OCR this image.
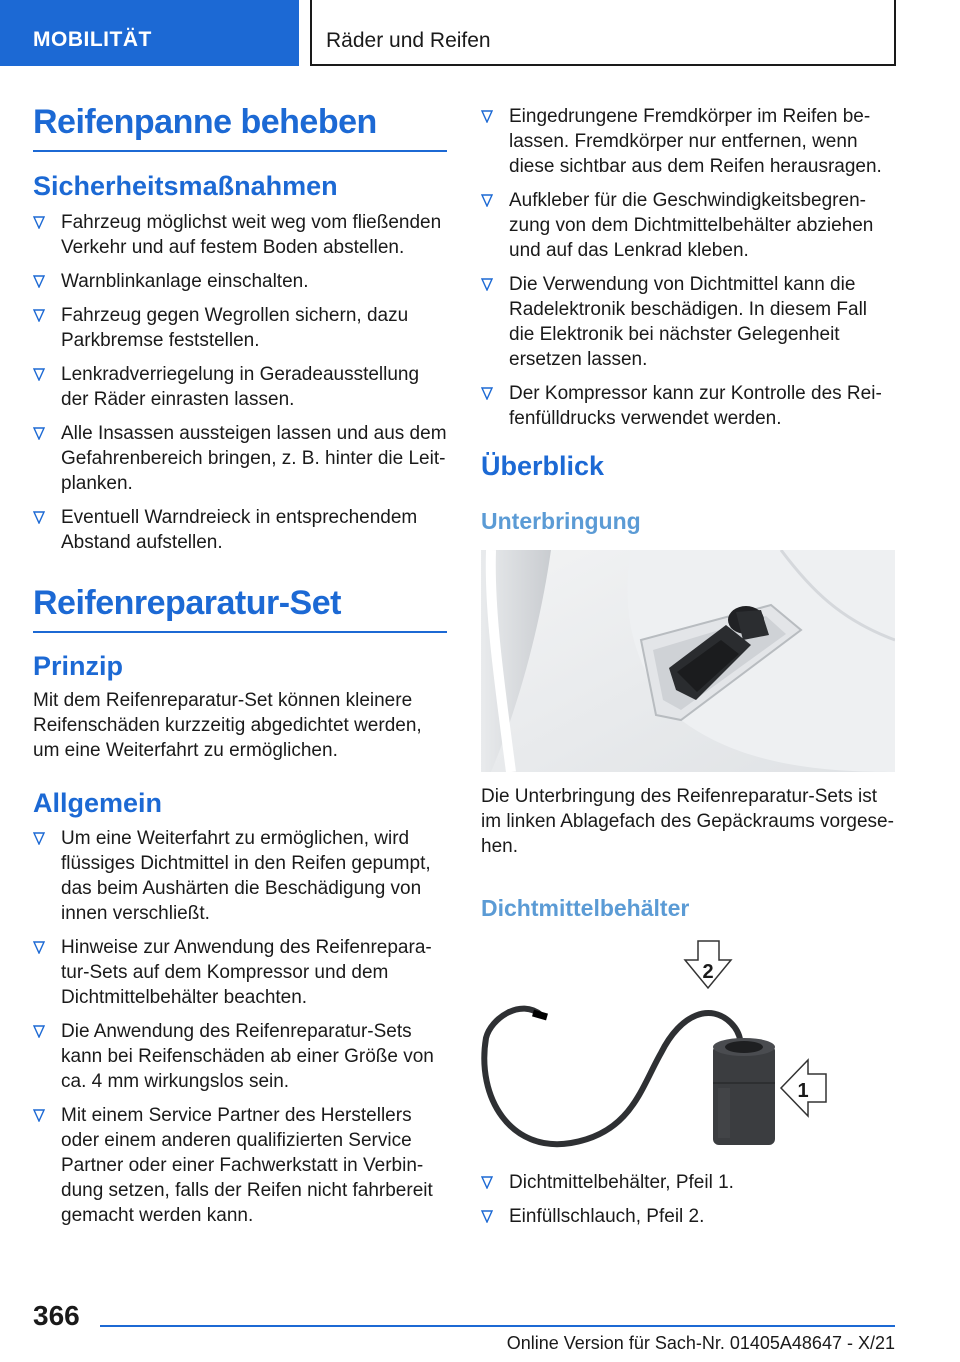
MOBILITÄT	Räder und Reifen
Reifenpanne beheben
Sicherheitsmaßnahmen
Fahrzeug möglichst weit weg vom fließenden Verkehr und auf festem Boden abstellen.
Warnblinkanlage einschalten.
Fahrzeug gegen Wegrollen sichern, dazu Parkbremse feststellen.
Lenkradverriegelung in Geradeausstellung der Räder einrasten lassen.
Alle Insassen aussteigen lassen und aus dem Gefahrenbereich bringen, z. B. hinter die Leitplanken.
Eventuell Warndreieck in entsprechendem Abstand aufstellen.
Reifenreparatur-Set
Prinzip
Mit dem Reifenreparatur-Set können kleinere Reifenschäden kurzzeitig abgedichtet werden, um eine Weiterfahrt zu ermöglichen.
Allgemein
Um eine Weiterfahrt zu ermöglichen, wird flüssiges Dichtmittel in den Reifen gepumpt, das beim Aushärten die Beschädigung von innen verschließt.
Hinweise zur Anwendung des Reifenreparatur-Sets auf dem Kompressor und dem Dichtmittelbehälter beachten.
Die Anwendung des Reifenreparatur-Sets kann bei Reifenschäden ab einer Größe von ca. 4 mm wirkungslos sein.
Mit einem Service Partner des Herstellers oder einem anderen qualifizierten Service Partner oder einer Fachwerkstatt in Verbindung setzen, falls der Reifen nicht fahrbereit gemacht werden kann.
Eingedrungene Fremdkörper im Reifen belassen. Fremdkörper nur entfernen, wenn diese sichtbar aus dem Reifen herausragen.
Aufkleber für die Geschwindigkeitsbegrenzung von dem Dichtmittelbehälter abziehen und auf das Lenkrad kleben.
Die Verwendung von Dichtmittel kann die Radelektronik beschädigen. In diesem Fall die Elektronik bei nächster Gelegenheit ersetzen lassen.
Der Kompressor kann zur Kontrolle des Reifenfülldrucks verwendet werden.
Überblick
Unterbringung
Die Unterbringung des Reifenreparatur-Sets ist im linken Ablagefach des Gepäckraums vorgesehen.
Dichtmittelbehälter
2
1
Dichtmittelbehälter, Pfeil 1.
Einfüllschlauch, Pfeil 2.
366
Online Version für Sach-Nr. 01405A48647 - X/21
